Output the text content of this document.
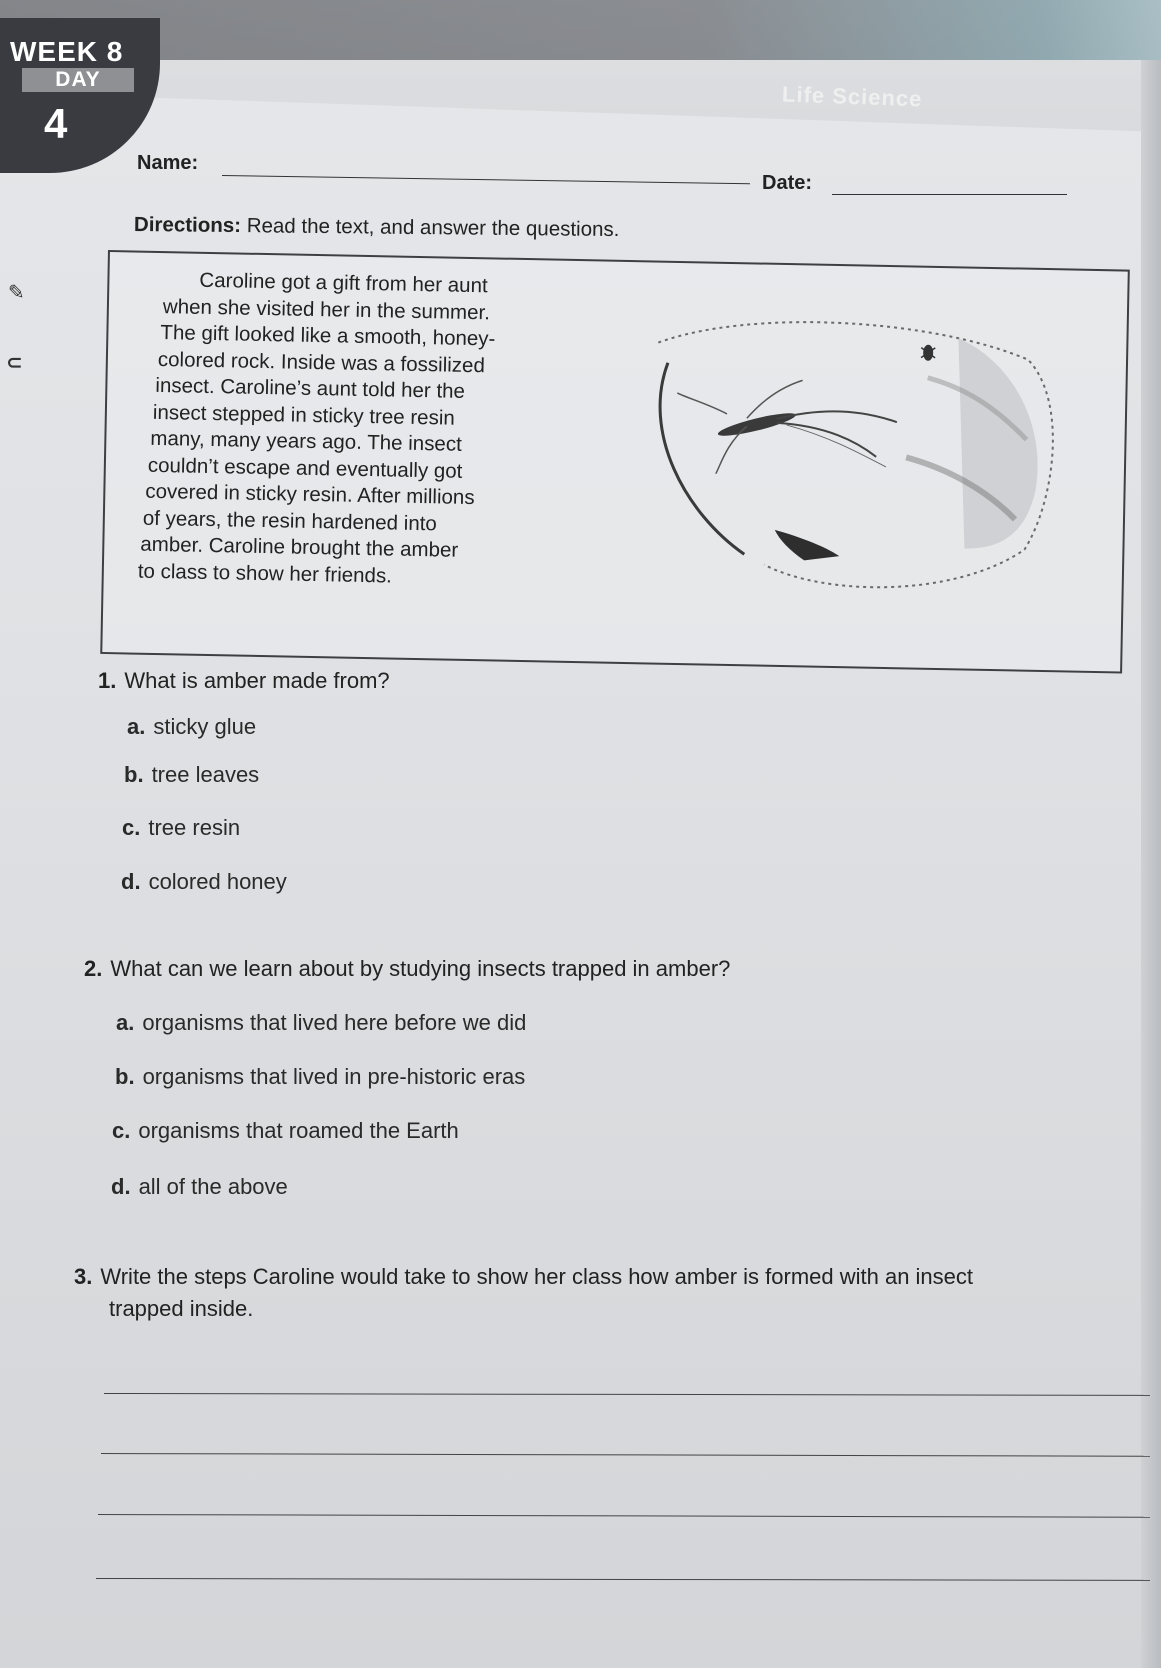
WEEK 8
DAY
4
Life Science
✎
⊂
Name:
Date:
Directions: Read the text, and answer the questions.
Caroline got a gift from her aunt
when she visited her in the summer.
The gift looked like a smooth, honey-
colored rock. Inside was a fossilized
insect. Caroline’s aunt told her the
insect stepped in sticky tree resin
many, many years ago. The insect
couldn’t escape and eventually got
covered in sticky resin. After millions
of years, the resin hardened into
amber. Caroline brought the amber
to class to show her friends.
1. What is amber made from?
a. sticky glue
b. tree leaves
c. tree resin
d. colored honey
2. What can we learn about by studying insects trapped in amber?
a. organisms that lived here before we did
b. organisms that lived in pre-historic eras
c. organisms that roamed the Earth
d. all of the above
3. Write the steps Caroline would take to show her class how amber is formed with an insect
trapped inside.
